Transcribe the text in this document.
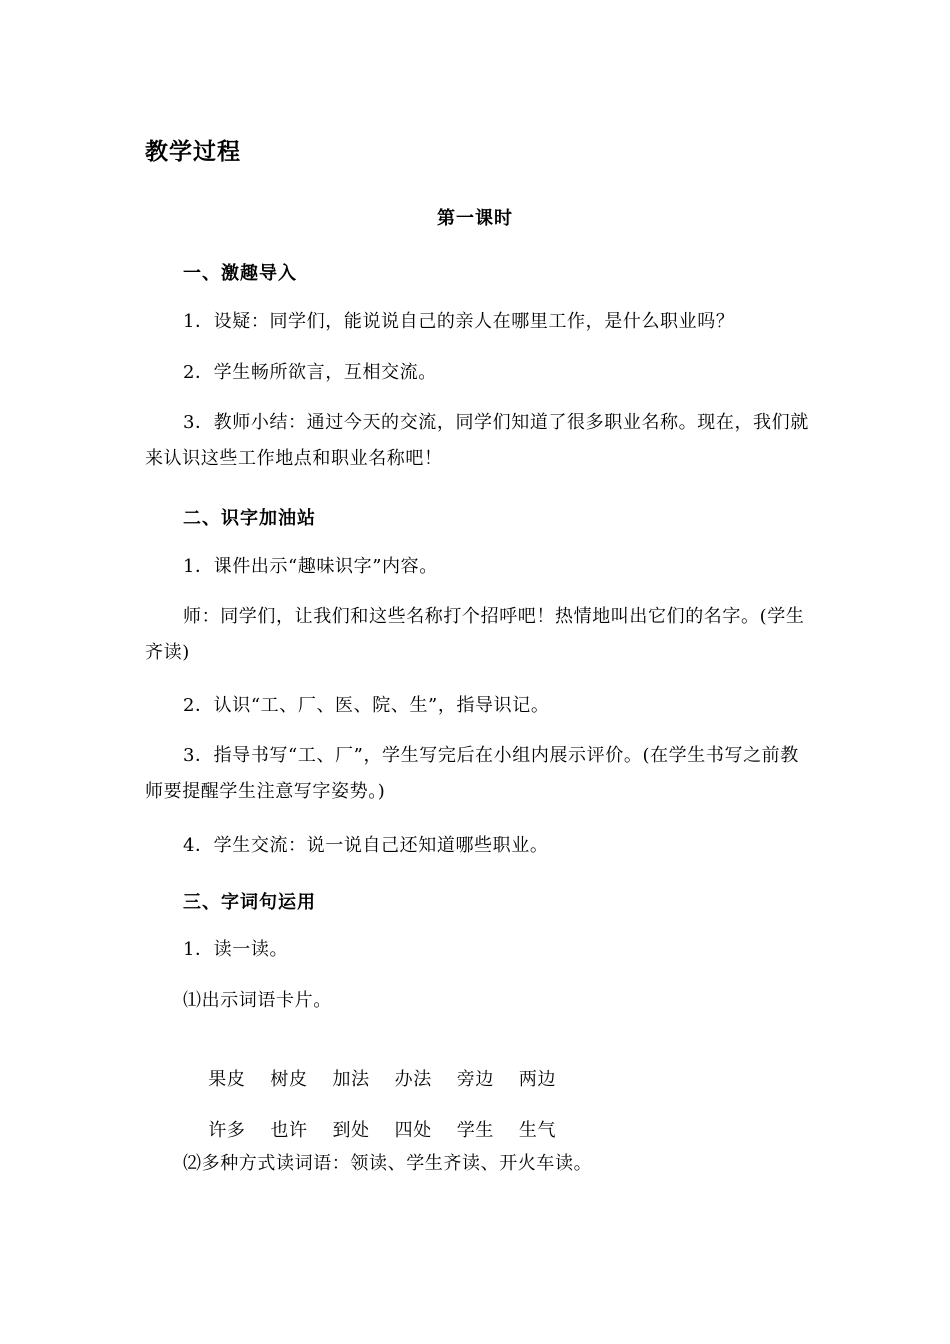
教学过程
第一课时
一、激趣导入
1．设疑：同学们，能说说自己的亲人在哪里工作，是什么职业吗？
2．学生畅所欲言，互相交流。
3．教师小结：通过今天的交流，同学们知道了很多职业名称。现在，我们就来认识这些工作地点和职业名称吧！
二、识字加油站
1．课件出示“趣味识字”内容。
师：同学们，让我们和这些名称打个招呼吧！热情地叫出它们的名字。(学生齐读)
2．认识“工、厂、医、院、生”，指导识记。
3．指导书写“工、厂”，学生写完后在小组内展示评价。(在学生书写之前教师要提醒学生注意写字姿势。)
4．学生交流：说一说自己还知道哪些职业。
三、字词句运用
1．读一读。
⑴出示词语卡片。

果皮　 树皮　 加法　 办法　 旁边　 两边

许多　 也许　 到处　 四处　 学生　 生气

⑵多种方式读词语：领读、学生齐读、开火车读。
